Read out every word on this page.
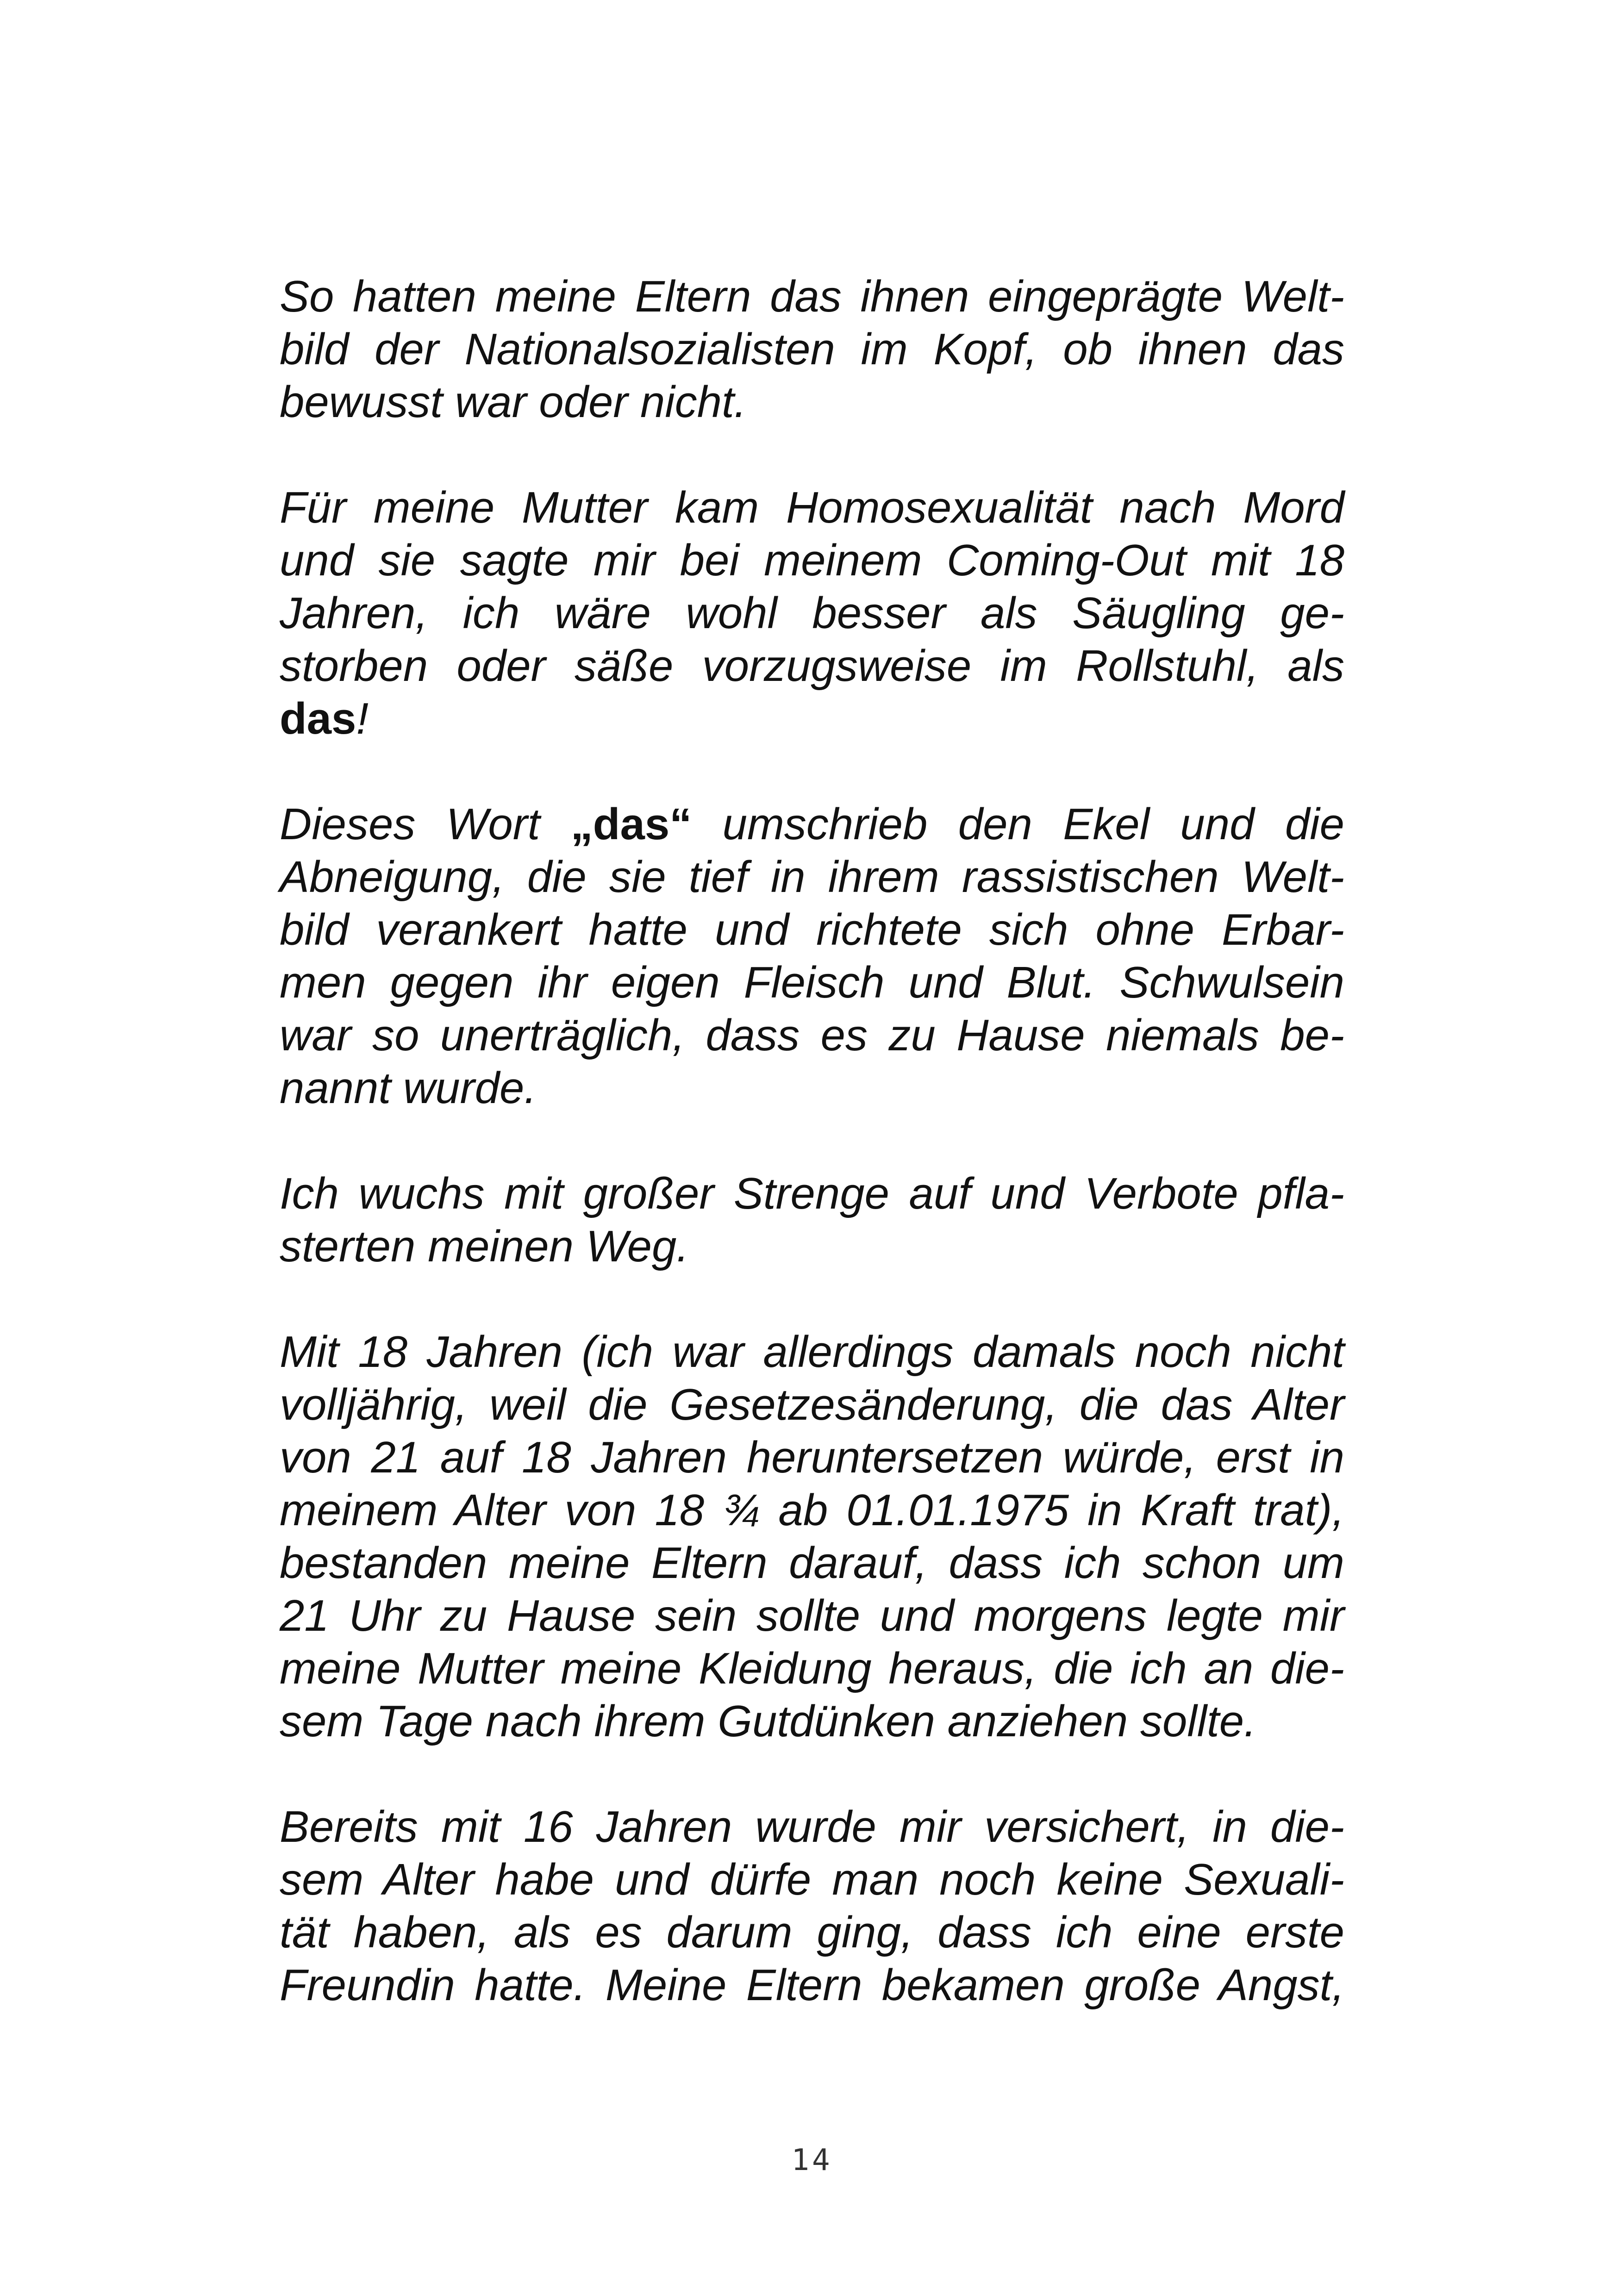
So hatten meine Eltern das ihnen eingeprägte Welt-
bild der Nationalsozialisten im Kopf, ob ihnen das
bewusst war oder nicht.

Für meine Mutter kam Homosexualität nach Mord
und sie sagte mir bei meinem Coming-Out mit 18
Jahren, ich wäre wohl besser als Säugling ge-
storben oder säße vorzugsweise im Rollstuhl, als
das!

Dieses Wort „das“ umschrieb den Ekel und die
Abneigung, die sie tief in ihrem rassistischen Welt-
bild verankert hatte und richtete sich ohne Erbar-
men gegen ihr eigen Fleisch und Blut. Schwulsein
war so unerträglich, dass es zu Hause niemals be-
nannt wurde.

Ich wuchs mit großer Strenge auf und Verbote pfla-
sterten meinen Weg.

Mit 18 Jahren (ich war allerdings damals noch nicht
volljährig, weil die Gesetzesänderung, die das Alter
von 21 auf 18 Jahren heruntersetzen würde, erst in
meinem Alter von 18 ¾ ab 01.01.1975 in Kraft trat),
bestanden meine Eltern darauf, dass ich schon um
21 Uhr zu Hause sein sollte und morgens legte mir
meine Mutter meine Kleidung heraus, die ich an die-
sem Tage nach ihrem Gutdünken anziehen sollte.

Bereits mit 16 Jahren wurde mir versichert, in die-
sem Alter habe und dürfe man noch keine Sexuali-
tät haben, als es darum ging, dass ich eine erste
Freundin hatte. Meine Eltern bekamen große Angst,

14
